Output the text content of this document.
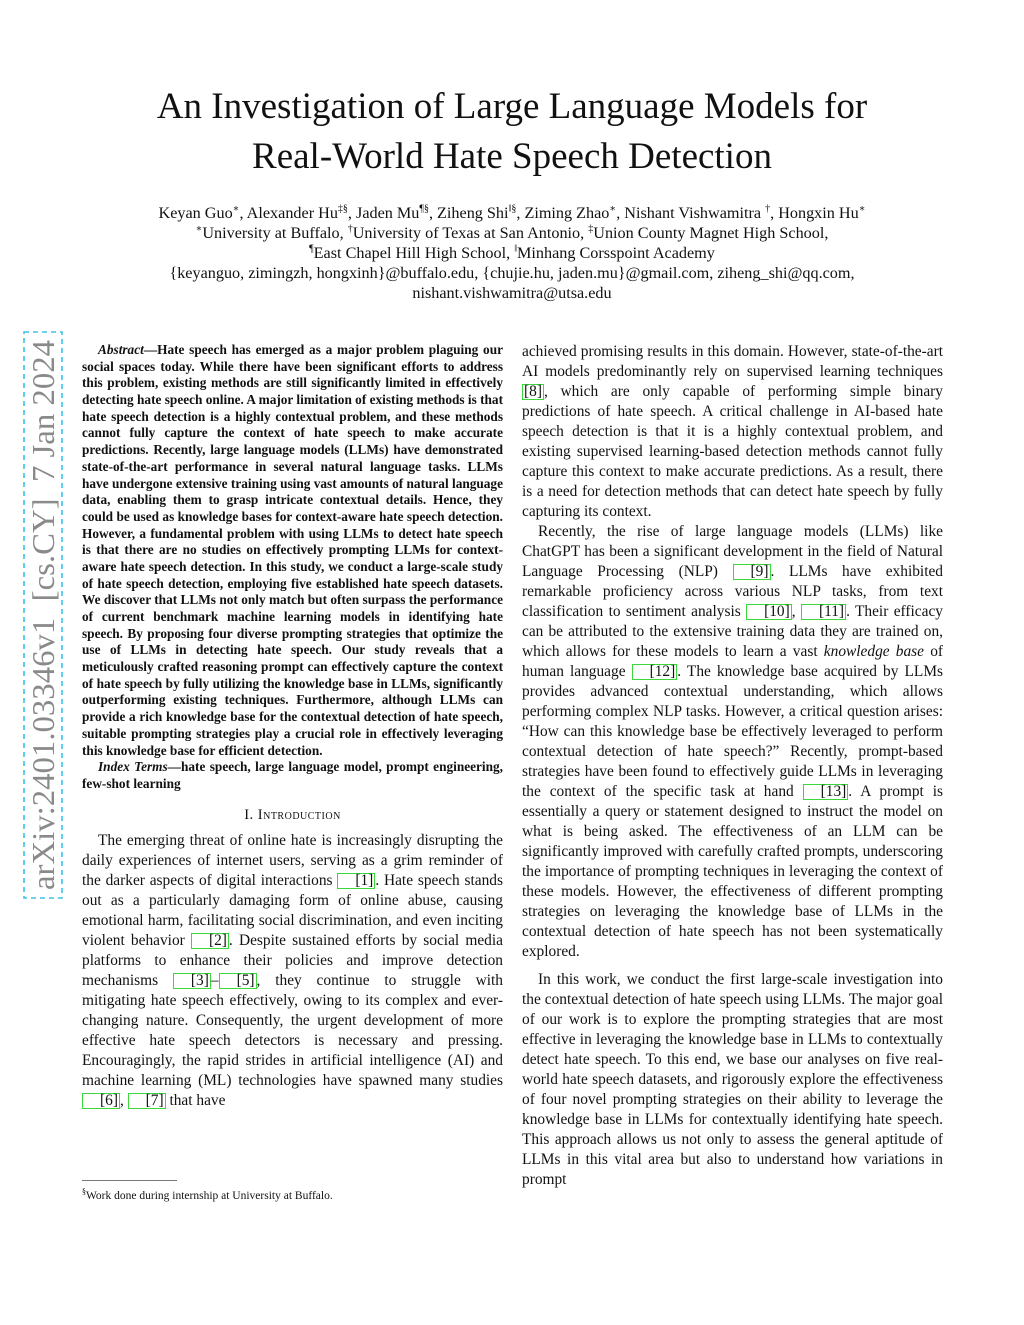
arXiv:2401.03346v1  [cs.CY]  7 Jan 2024
An Investigation of Large Language Models for
Real-World Hate Speech Detection
Keyan Guo∗, Alexander Hu‡§, Jaden Mu¶§, Ziheng Shi‖§, Ziming Zhao∗, Nishant Vishwamitra †, Hongxin Hu∗
∗University at Buffalo, †University of Texas at San Antonio, ‡Union County Magnet High School,
¶East Chapel Hill High School, ‖Minhang Corsspoint Academy
{keyanguo, zimingzh, hongxinh}@buffalo.edu, {chujie.hu, jaden.mu}@gmail.com, ziheng_shi@qq.com,
nishant.vishwamitra@utsa.edu

Abstract—Hate speech has emerged as a major problem plaguing our social spaces today. While there have been significant efforts to address this problem, existing methods are still significantly limited in effectively detecting hate speech online. A major limitation of existing methods is that hate speech detection is a highly contextual problem, and these methods cannot fully capture the context of hate speech to make accurate predictions. Recently, large language models (LLMs) have demonstrated state-of-the-art performance in several natural language tasks. LLMs have undergone extensive training using vast amounts of natural language data, enabling them to grasp intricate contextual details. Hence, they could be used as knowledge bases for context-aware hate speech detection. However, a fundamental problem with using LLMs to detect hate speech is that there are no studies on effectively prompting LLMs for context-aware hate speech detection. In this study, we conduct a large-scale study of hate speech detection, employing five established hate speech datasets. We discover that LLMs not only match but often surpass the performance of current benchmark machine learning models in identifying hate speech. By proposing four diverse prompting strategies that optimize the use of LLMs in detecting hate speech. Our study reveals that a meticulously crafted reasoning prompt can effectively capture the context of hate speech by fully utilizing the knowledge base in LLMs, significantly outperforming existing techniques. Furthermore, although LLMs can provide a rich knowledge base for the contextual detection of hate speech, suitable prompting strategies play a crucial role in effectively leveraging this knowledge base for efficient detection.

Index Terms—hate speech, large language model, prompt engineering, few-shot learning

I. Introduction

The emerging threat of online hate is increasingly disrupting the daily experiences of internet users, serving as a grim reminder of the darker aspects of digital interactions [1] . Hate speech stands out as a particularly damaging form of online abuse, causing emotional harm, facilitating social discrimination, and even inciting violent behavior [2] . Despite sustained efforts by social media platforms to enhance their policies and improve detection mechanisms [3] – [5] , they continue to struggle with mitigating hate speech effectively, owing to its complex and ever-changing nature. Consequently, the urgent development of more effective hate speech detectors is necessary and pressing. Encouragingly, the rapid strides in artificial intelligence (AI) and machine learning (ML) technologies have spawned many studies [6] , [7] that have

achieved promising results in this domain. However, state-of-the-art AI models predominantly rely on supervised learning techniques [8] , which are only capable of performing simple binary predictions of hate speech. A critical challenge in AI-based hate speech detection is that it is a highly contextual problem, and existing supervised learning-based detection methods cannot fully capture this context to make accurate predictions. As a result, there is a need for detection methods that can detect hate speech by fully capturing its context.

Recently, the rise of large language models (LLMs) like ChatGPT has been a significant development in the field of Natural Language Processing (NLP) [9] . LLMs have exhibited remarkable proficiency across various NLP tasks, from text classification to sentiment analysis [10] , [11] . Their efficacy can be attributed to the extensive training data they are trained on, which allows for these models to learn a vast knowledge base of human language [12] . The knowledge base acquired by LLMs provides advanced contextual understanding, which allows performing complex NLP tasks. However, a critical question arises: “How can this knowledge base be effectively leveraged to perform contextual detection of hate speech?” Recently, prompt-based strategies have been found to effectively guide LLMs in leveraging the context of the specific task at hand [13] . A prompt is essentially a query or statement designed to instruct the model on what is being asked. The effectiveness of an LLM can be significantly improved with carefully crafted prompts, underscoring the importance of prompting techniques in leveraging the context of these models. However, the effectiveness of different prompting strategies on leveraging the knowledge base of LLMs in the contextual detection of hate speech has not been systematically explored.

In this work, we conduct the first large-scale investigation into the contextual detection of hate speech using LLMs. The major goal of our work is to explore the prompting strategies that are most effective in leveraging the knowledge base in LLMs to contextually detect hate speech. To this end, we base our analyses on five real-world hate speech datasets, and rigorously explore the effectiveness of four novel prompting strategies on their ability to leverage the knowledge base in LLMs for contextually identifying hate speech. This approach allows us not only to assess the general aptitude of LLMs in this vital area but also to understand how variations in prompt

§Work done during internship at University at Buffalo.
